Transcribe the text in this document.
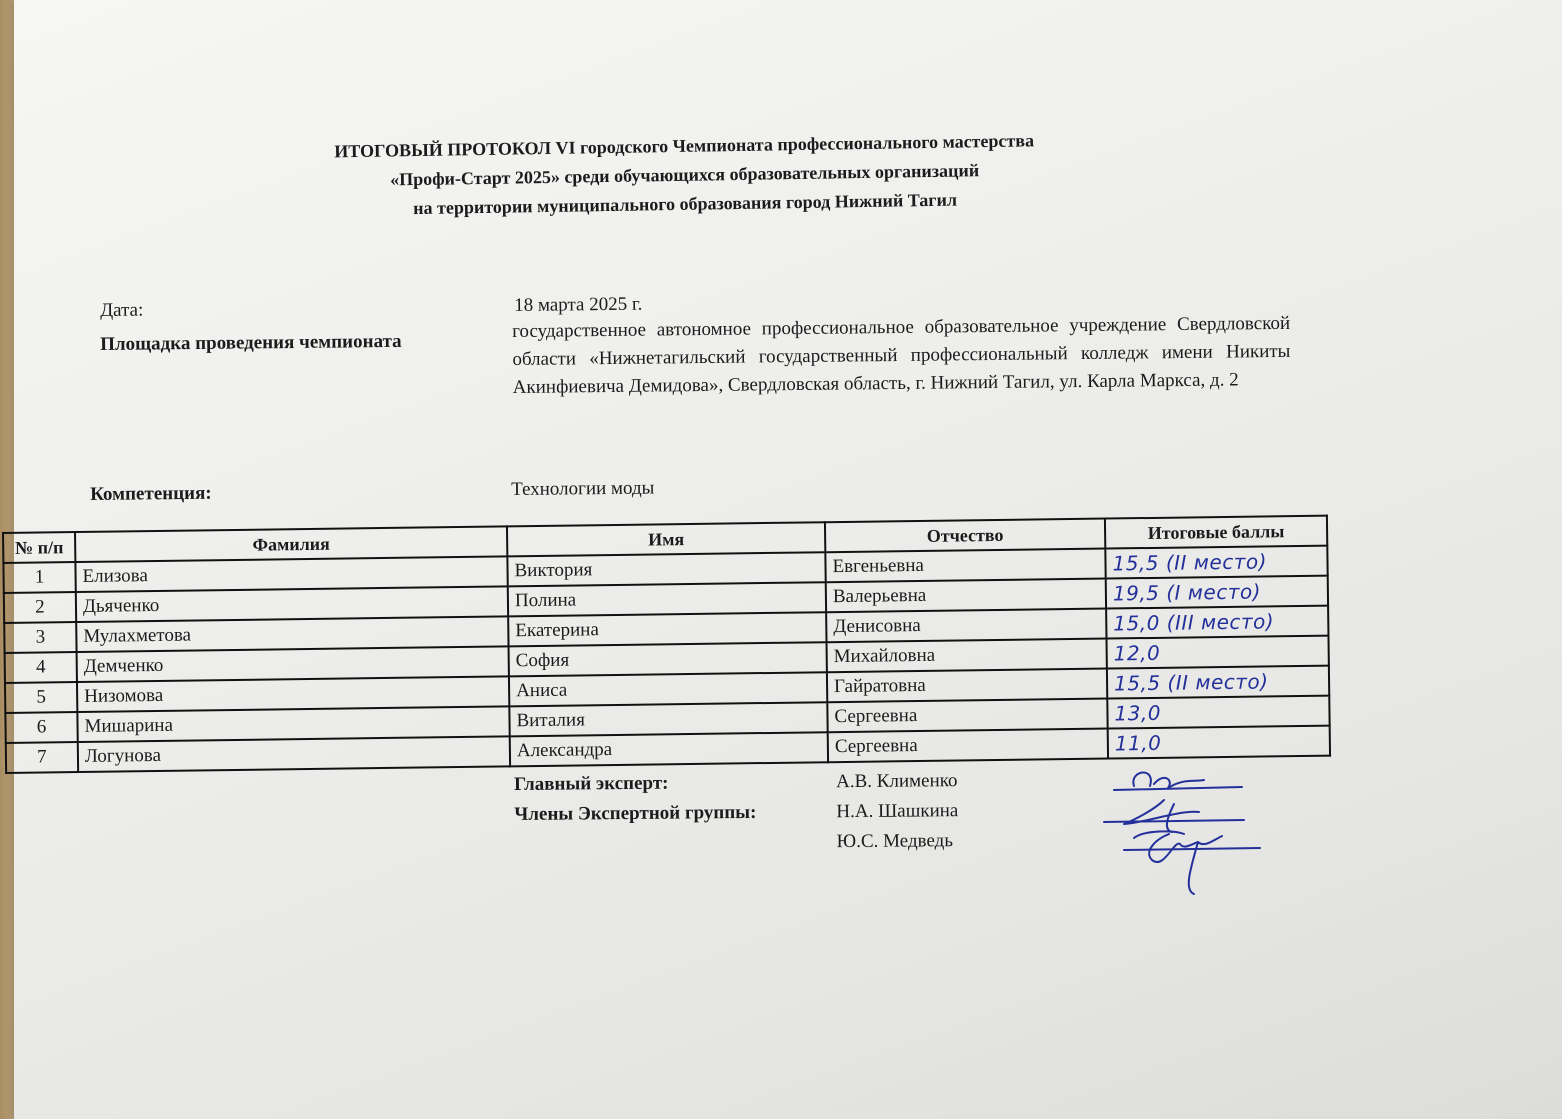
ИТОГОВЫЙ ПРОТОКОЛ VI городского Чемпионата профессионального мастерства
«Профи-Старт 2025» среди обучающихся образовательных организаций
на территории муниципального образования город Нижний Тагил
Дата:	18 марта 2025 г.
Площадка проведения чемпионата
государственное автономное профессиональное образовательное учреждение Свердловской области «Нижнетагильский государственный профессиональный колледж имени Никиты Акинфиевича Демидова», Свердловская область, г. Нижний Тагил, ул. Карла Маркса, д. 2
Компетенция:	Технологии моды
№ п/п	Фамилия	Имя	Отчество	Итоговые баллы
1	Елизова	Виктория	Евгеньевна	15,5 (II место)
2	Дьяченко	Полина	Валерьевна	19,5 (I место)
3	Мулахметова	Екатерина	Денисовна	15,0 (III место)
4	Демченко	София	Михайловна	12,0
5	Низомова	Аниса	Гайратовна	15,5 (II место)
6	Мишарина	Виталия	Сергеевна	13,0
7	Логунова	Александра	Сергеевна	11,0
Главный эксперт:	А.В. Клименко
Члены Экспертной группы:	Н.А. Шашкина
Ю.С. Медведь
